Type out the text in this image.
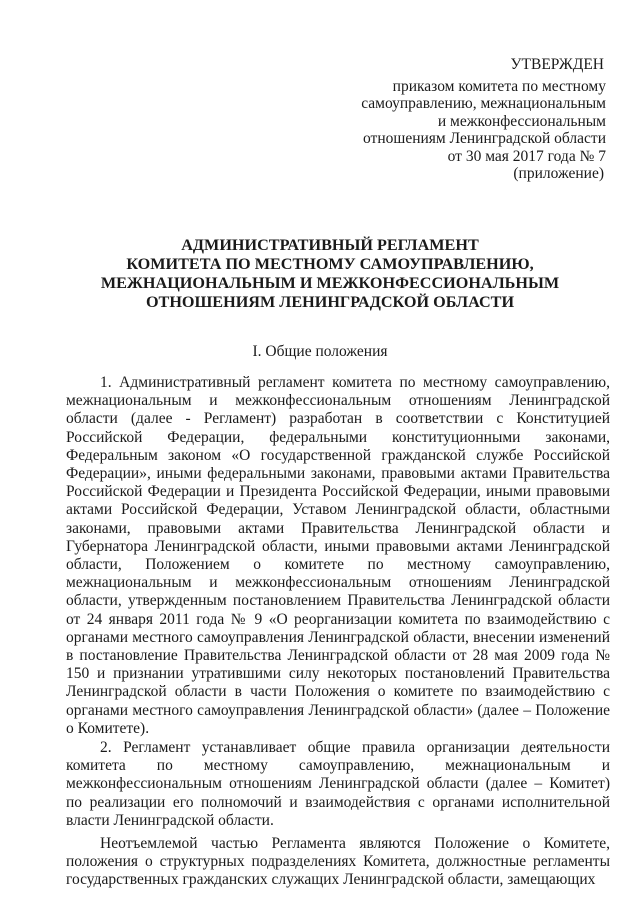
УТВЕРЖДЕН
приказом комитета по местному
самоуправлению, межнациональным
и межконфессиональным
отношениям Ленинградской области
от 30 мая 2017 года № 7
(приложение)
АДМИНИСТРАТИВНЫЙ РЕГЛАМЕНТ
КОМИТЕТА ПО МЕСТНОМУ САМОУПРАВЛЕНИЮ,
МЕЖНАЦИОНАЛЬНЫМ И МЕЖКОНФЕССИОНАЛЬНЫМ
ОТНОШЕНИЯМ ЛЕНИНГРАДСКОЙ ОБЛАСТИ
I. Общие положения

1. Административный регламент комитета по местному самоуправлению, межнациональным и межконфессиональным отношениям Ленинградской области (далее - Регламент) разработан в соответствии с Конституцией Российской Федерации, федеральными конституционными законами, Федеральным законом «О государственной гражданской службе Российской Федерации», иными федеральными законами, правовыми актами Правительства Российской Федерации и Президента Российской Федерации, иными правовыми актами Российской Федерации, Уставом Ленинградской области, областными законами, правовыми актами Правительства Ленинградской области и Губернатора Ленинградской области, иными правовыми актами Ленинградской области, Положением о комитете по местному самоуправлению, межнациональным и межконфессиональным отношениям Ленинградской области, утвержденным постановлением Правительства Ленинградской области от 24 января 2011 года № 9 «О реорганизации комитета по взаимодействию с органами местного самоуправления Ленинградской области, внесении изменений в постановление Правительства Ленинградской области от 28 мая 2009 года № 150 и признании утратившими силу некоторых постановлений Правительства Ленинградской области в части Положения о комитете по взаимодействию с органами местного самоуправления Ленинградской области» (далее – Положение о Комитете).

2. Регламент устанавливает общие правила организации деятельности комитета по местному самоуправлению, межнациональным и межконфессиональным отношениям Ленинградской области (далее – Комитет) по реализации его полномочий и взаимодействия с органами исполнительной власти Ленинградской области.

Неотъемлемой частью Регламента являются Положение о Комитете, положения о структурных подразделениях Комитета, должностные регламенты государственных гражданских служащих Ленинградской области, замещающих
